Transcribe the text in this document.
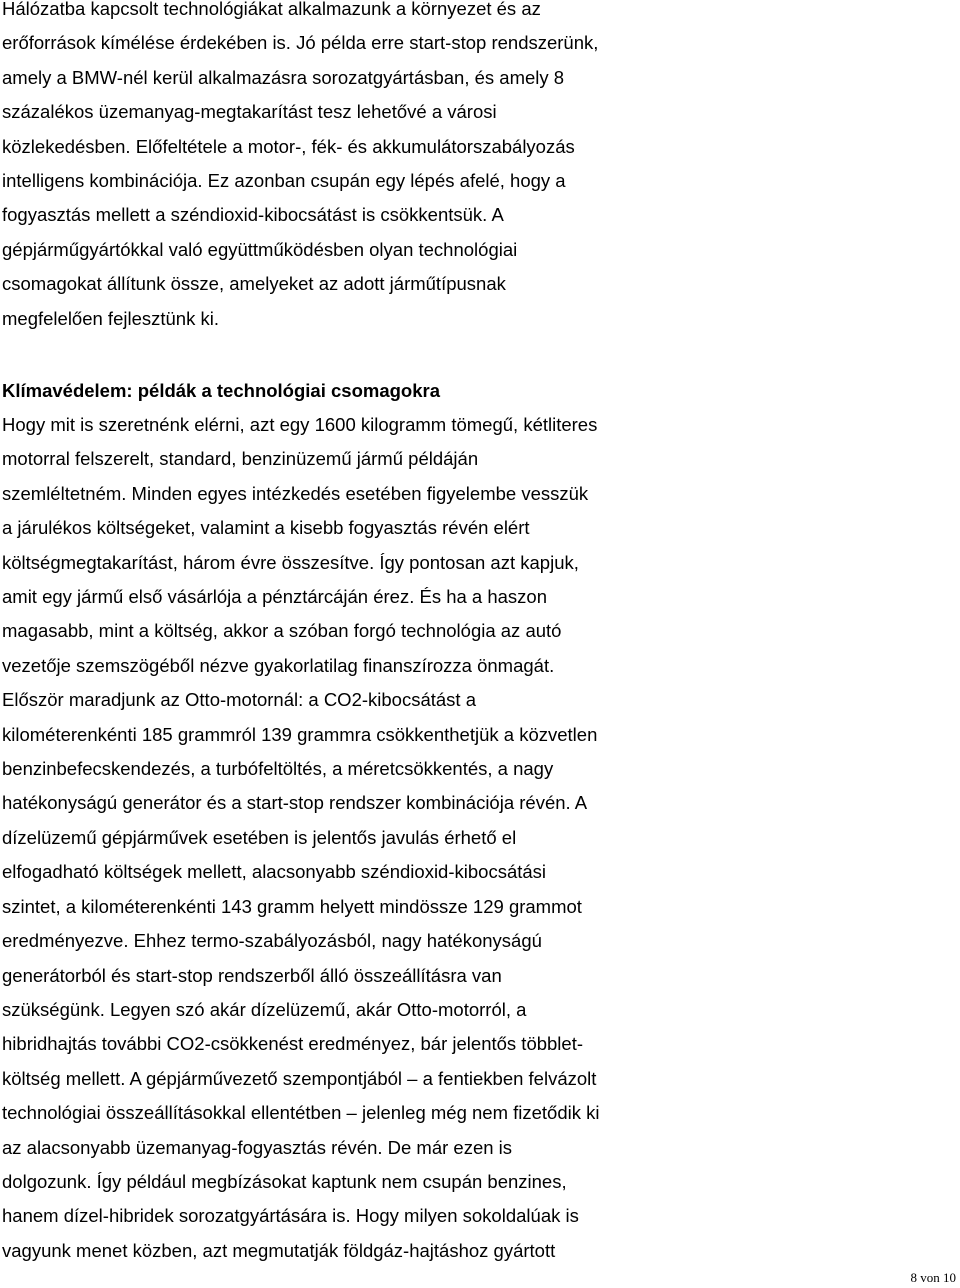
Hálózatba kapcsolt technológiákat alkalmazunk a környezet és az
erőforrások kímélése érdekében is. Jó példa erre start-stop rendszerünk,
amely a BMW-nél kerül alkalmazásra sorozatgyártásban, és amely 8
százalékos üzemanyag-megtakarítást tesz lehetővé a városi
közlekedésben. Előfeltétele a motor-, fék- és akkumulátorszabályozás
intelligens kombinációja. Ez azonban csupán egy lépés afelé, hogy a
fogyasztás mellett a széndioxid-kibocsátást is csökkentsük. A
gépjárműgyártókkal való együttműködésben olyan technológiai
csomagokat állítunk össze, amelyeket az adott járműtípusnak
megfelelően fejlesztünk ki.
Klímavédelem: példák a technológiai csomagokra
Hogy mit is szeretnénk elérni, azt egy 1600 kilogramm tömegű, kétliteres
motorral felszerelt, standard, benzinüzemű jármű példáján
szemléltetném. Minden egyes intézkedés esetében figyelembe vesszük
a járulékos költségeket, valamint a kisebb fogyasztás révén elért
költségmegtakarítást, három évre összesítve. Így pontosan azt kapjuk,
amit egy jármű első vásárlója a pénztárcáján érez. És ha a haszon
magasabb, mint a költség, akkor a szóban forgó technológia az autó
vezetője szemszögéből nézve gyakorlatilag finanszírozza önmagát.
Először maradjunk az Otto-motornál: a CO2-kibocsátást a
kilométerenkénti 185 grammról 139 grammra csökkenthetjük a közvetlen
benzinbefecskendezés, a turbófeltöltés, a méretcsökkentés, a nagy
hatékonyságú generátor és a start-stop rendszer kombinációja révén. A
dízelüzemű gépjárművek esetében is jelentős javulás érhető el
elfogadható költségek mellett, alacsonyabb széndioxid-kibocsátási
szintet, a kilométerenkénti 143 gramm helyett mindössze 129 grammot
eredményezve. Ehhez termo-szabályozásból, nagy hatékonyságú
generátorból és start-stop rendszerből álló összeállításra van
szükségünk. Legyen szó akár dízelüzemű, akár Otto-motorról, a
hibridhajtás további CO2-csökkenést eredményez, bár jelentős többlet-
költség mellett. A gépjárművezető szempontjából – a fentiekben felvázolt
technológiai összeállításokkal ellentétben – jelenleg még nem fizetődik ki
az alacsonyabb üzemanyag-fogyasztás révén. De már ezen is
dolgozunk. Így például megbízásokat kaptunk nem csupán benzines,
hanem dízel-hibridek sorozatgyártására is. Hogy milyen sokoldalúak is
vagyunk menet közben, azt megmutatják földgáz-hajtáshoz gyártott
8 von 10
